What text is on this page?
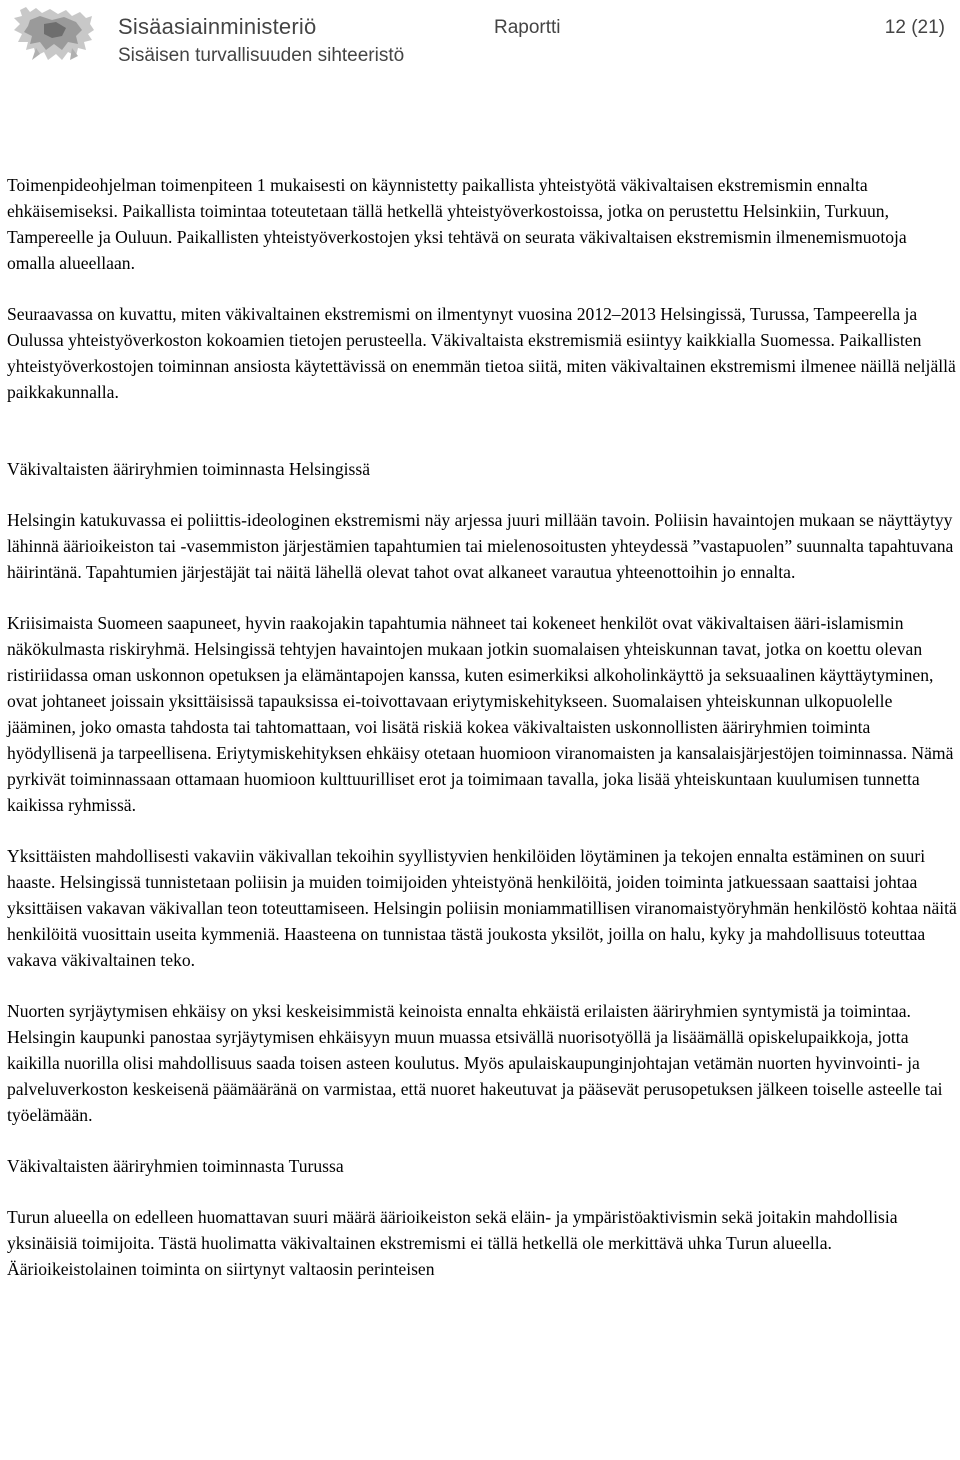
Sisäasiainministeriö
Sisäisen turvallisuuden sihteeristö
Raportti	12 (21)

Toimenpideohjelman toimenpiteen 1 mukaisesti on käynnistetty paikallista yhteistyötä väkivaltaisen ekstremismin ennalta ehkäisemiseksi. Paikallista toimintaa toteutetaan tällä hetkellä yhteistyöverkostoissa, jotka on perustettu Helsinkiin, Turkuun, Tampereelle ja Ouluun. Paikallisten yhteistyöverkostojen yksi tehtävä on seurata väkivaltaisen ekstremismin ilmenemismuotoja omalla alueellaan.

Seuraavassa on kuvattu, miten väkivaltainen ekstremismi on ilmentynyt vuosina 2012–2013 Helsingissä, Turussa, Tampeerella ja Oulussa yhteistyöverkoston kokoamien tietojen perusteella. Väkivaltaista ekstremismiä esiintyy kaikkialla Suomessa. Paikallisten yhteistyöverkostojen toiminnan ansiosta käytettävissä on enemmän tietoa siitä, miten väkivaltainen ekstremismi ilmenee näillä neljällä paikkakunnalla.

Väkivaltaisten ääriryhmien toiminnasta Helsingissä

Helsingin katukuvassa ei poliittis-ideologinen ekstremismi näy arjessa juuri millään tavoin. Poliisin havaintojen mukaan se näyttäytyy lähinnä äärioikeiston tai -vasemmiston järjestämien tapahtumien tai mielenosoitusten yhteydessä ”vastapuolen” suunnalta tapahtuvana häirintänä. Tapahtumien järjestäjät tai näitä lähellä olevat tahot ovat alkaneet varautua yhteenottoihin jo ennalta.

Kriisimaista Suomeen saapuneet, hyvin raakojakin tapahtumia nähneet tai kokeneet henkilöt ovat väkivaltaisen ääri-islamismin näkökulmasta riskiryhmä. Helsingissä tehtyjen havaintojen mukaan jotkin suomalaisen yhteiskunnan tavat, jotka on koettu olevan ristiriidassa oman uskonnon opetuksen ja elämäntapojen kanssa, kuten esimerkiksi alkoholinkäyttö ja seksuaalinen käyttäytyminen, ovat johtaneet joissain yksittäisissä tapauksissa ei-toivottavaan eriytymiskehitykseen. Suomalaisen yhteiskunnan ulkopuolelle jääminen, joko omasta tahdosta tai tahtomattaan, voi lisätä riskiä kokea väkivaltaisten uskonnollisten ääriryhmien toiminta hyödyllisenä ja tarpeellisena. Eriytymiskehityksen ehkäisy otetaan huomioon viranomaisten ja kansalaisjärjestöjen toiminnassa. Nämä pyrkivät toiminnassaan ottamaan huomioon kulttuurilliset erot ja toimimaan tavalla, joka lisää yhteiskuntaan kuulumisen tunnetta kaikissa ryhmissä.

Yksittäisten mahdollisesti vakaviin väkivallan tekoihin syyllistyvien henkilöiden löytäminen ja tekojen ennalta estäminen on suuri haaste. Helsingissä tunnistetaan poliisin ja muiden toimijoiden yhteistyönä henkilöitä, joiden toiminta jatkuessaan saattaisi johtaa yksittäisen vakavan väkivallan teon toteuttamiseen. Helsingin poliisin moniammatillisen viranomaistyöryhmän henkilöstö kohtaa näitä henkilöitä vuosittain useita kymmeniä. Haasteena on tunnistaa tästä joukosta yksilöt, joilla on halu, kyky ja mahdollisuus toteuttaa vakava väkivaltainen teko.

Nuorten syrjäytymisen ehkäisy on yksi keskeisimmistä keinoista ennalta ehkäistä erilaisten ääriryhmien syntymistä ja toimintaa. Helsingin kaupunki panostaa syrjäytymisen ehkäisyyn muun muassa etsivällä nuorisotyöllä ja lisäämällä opiskelupaikkoja, jotta kaikilla nuorilla olisi mahdollisuus saada toisen asteen koulutus. Myös apulaiskaupunginjohtajan vetämän nuorten hyvinvointi- ja palveluverkoston keskeisenä päämääränä on varmistaa, että nuoret hakeutuvat ja pääsevät perusopetuksen jälkeen toiselle asteelle tai työelämään.

Väkivaltaisten ääriryhmien toiminnasta Turussa

Turun alueella on edelleen huomattavan suuri määrä äärioikeiston sekä eläin- ja ympäristöaktivismin sekä joitakin mahdollisia yksinäisiä toimijoita. Tästä huolimatta väkivaltainen ekstremismi ei tällä hetkellä ole merkittävä uhka Turun alueella. Äärioikeistolainen toiminta on siirtynyt valtaosin perinteisen
